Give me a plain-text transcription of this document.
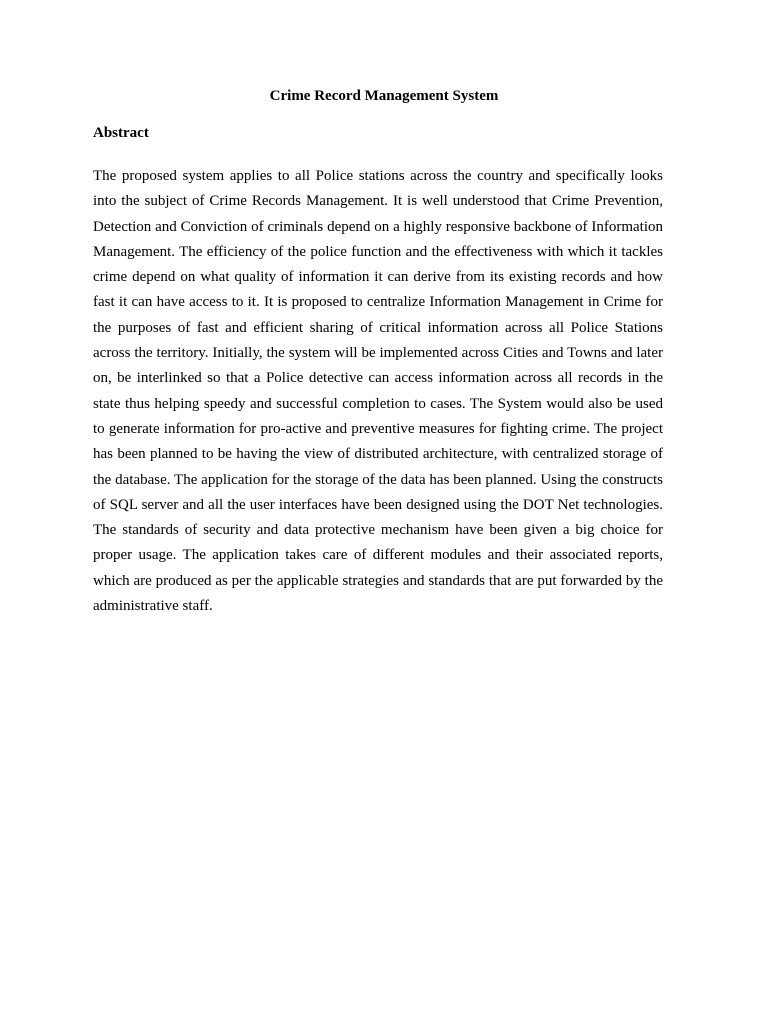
Crime Record Management System
Abstract

The proposed system applies to all Police stations across the country and specifically looks into the subject of Crime Records Management. It is well understood that Crime Prevention, Detection and Conviction of criminals depend on a highly responsive backbone of Information Management. The efficiency of the police function and the effectiveness with which it tackles crime depend on what quality of information it can derive from its existing records and how fast it can have access to it. It is proposed to centralize Information Management in Crime for the purposes of fast and efficient sharing of critical information across all Police Stations across the territory. Initially, the system will be implemented across Cities and Towns and later on, be interlinked so that a Police detective can access information across all records in the state thus helping speedy and successful completion to cases. The System would also be used to generate information for pro-active and preventive measures for fighting crime. The project has been planned to be having the view of distributed architecture, with centralized storage of the database. The application for the storage of the data has been planned. Using the constructs of SQL server and all the user interfaces have been designed using the DOT Net technologies.   The standards of security and data protective mechanism have been given a big choice for proper usage. The application takes care of different modules and their associated reports, which are produced as per the applicable strategies and standards that are put forwarded by the administrative staff.
